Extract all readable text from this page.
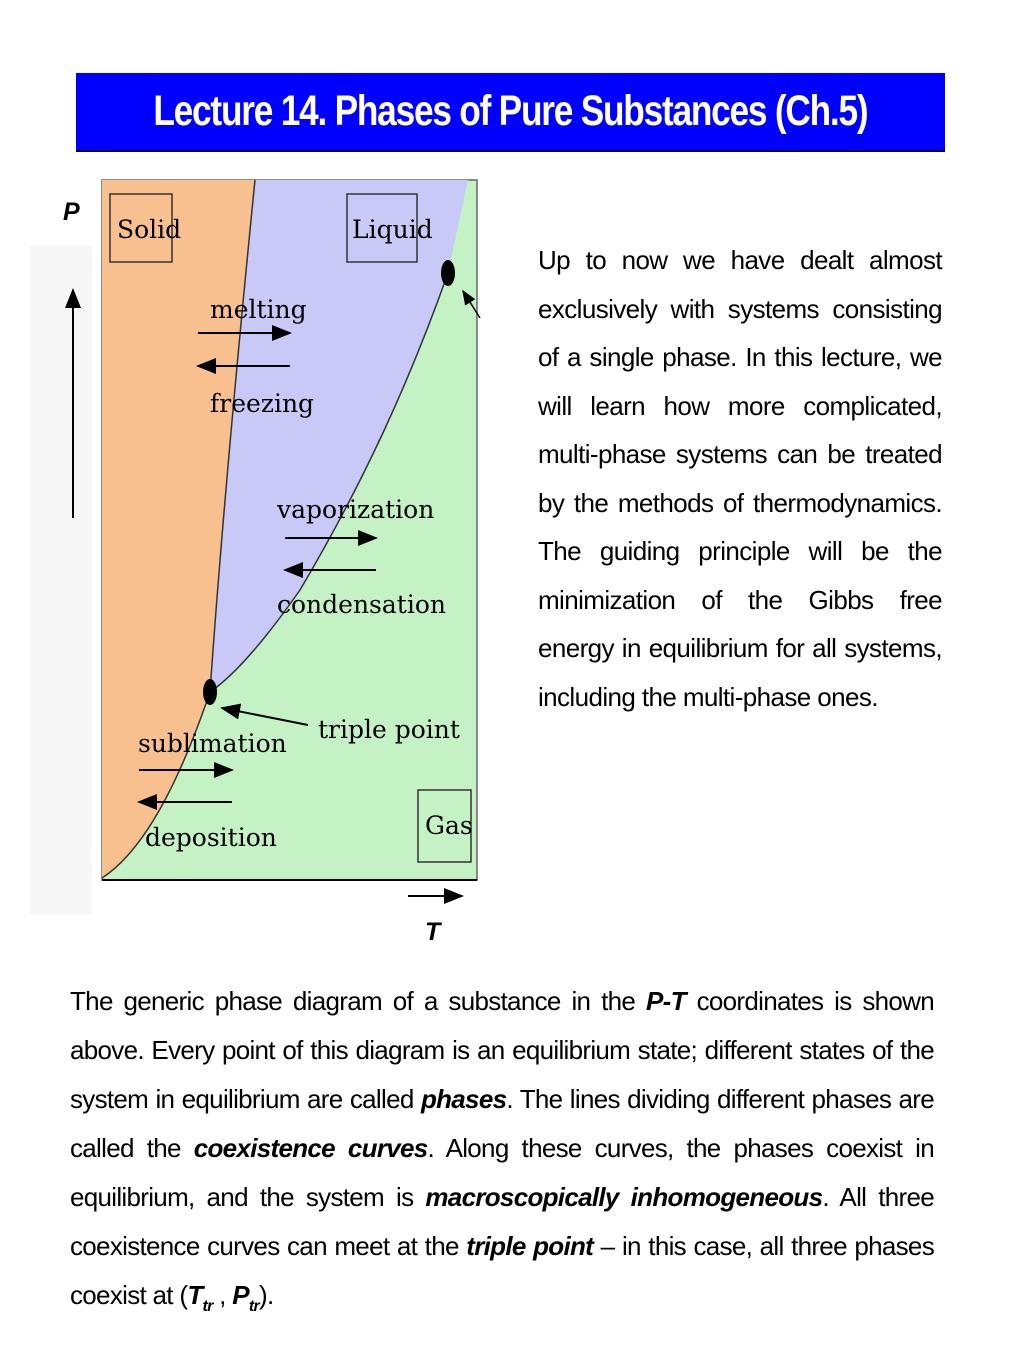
Lecture 14. Phases of Pure Substances (Ch.5)
Solid	Liquid
Gas
melting
freezing
vaporization
condensation
sublimation
deposition
triple point
P
T
Up to now we have dealt almost exclusively with systems consisting of a single phase. In this lecture, we will learn how more complicated, multi-phase systems can be treated by the methods of thermodynamics. The guiding principle will be the minimization of the Gibbs free energy in equilibrium for all systems, including the multi-phase ones.
The generic phase diagram of a substance in the P-T coordinates is shown above. Every point of this diagram is an equilibrium state; different states of the system in equilibrium are called phases. The lines dividing different phases are called the coexistence curves. Along these curves, the phases coexist in equilibrium, and the system is macroscopically inhomogeneous. All three coexistence curves can meet at the triple point – in this case, all three phases coexist at ($T_{tr}$ , $P_{tr}$).
